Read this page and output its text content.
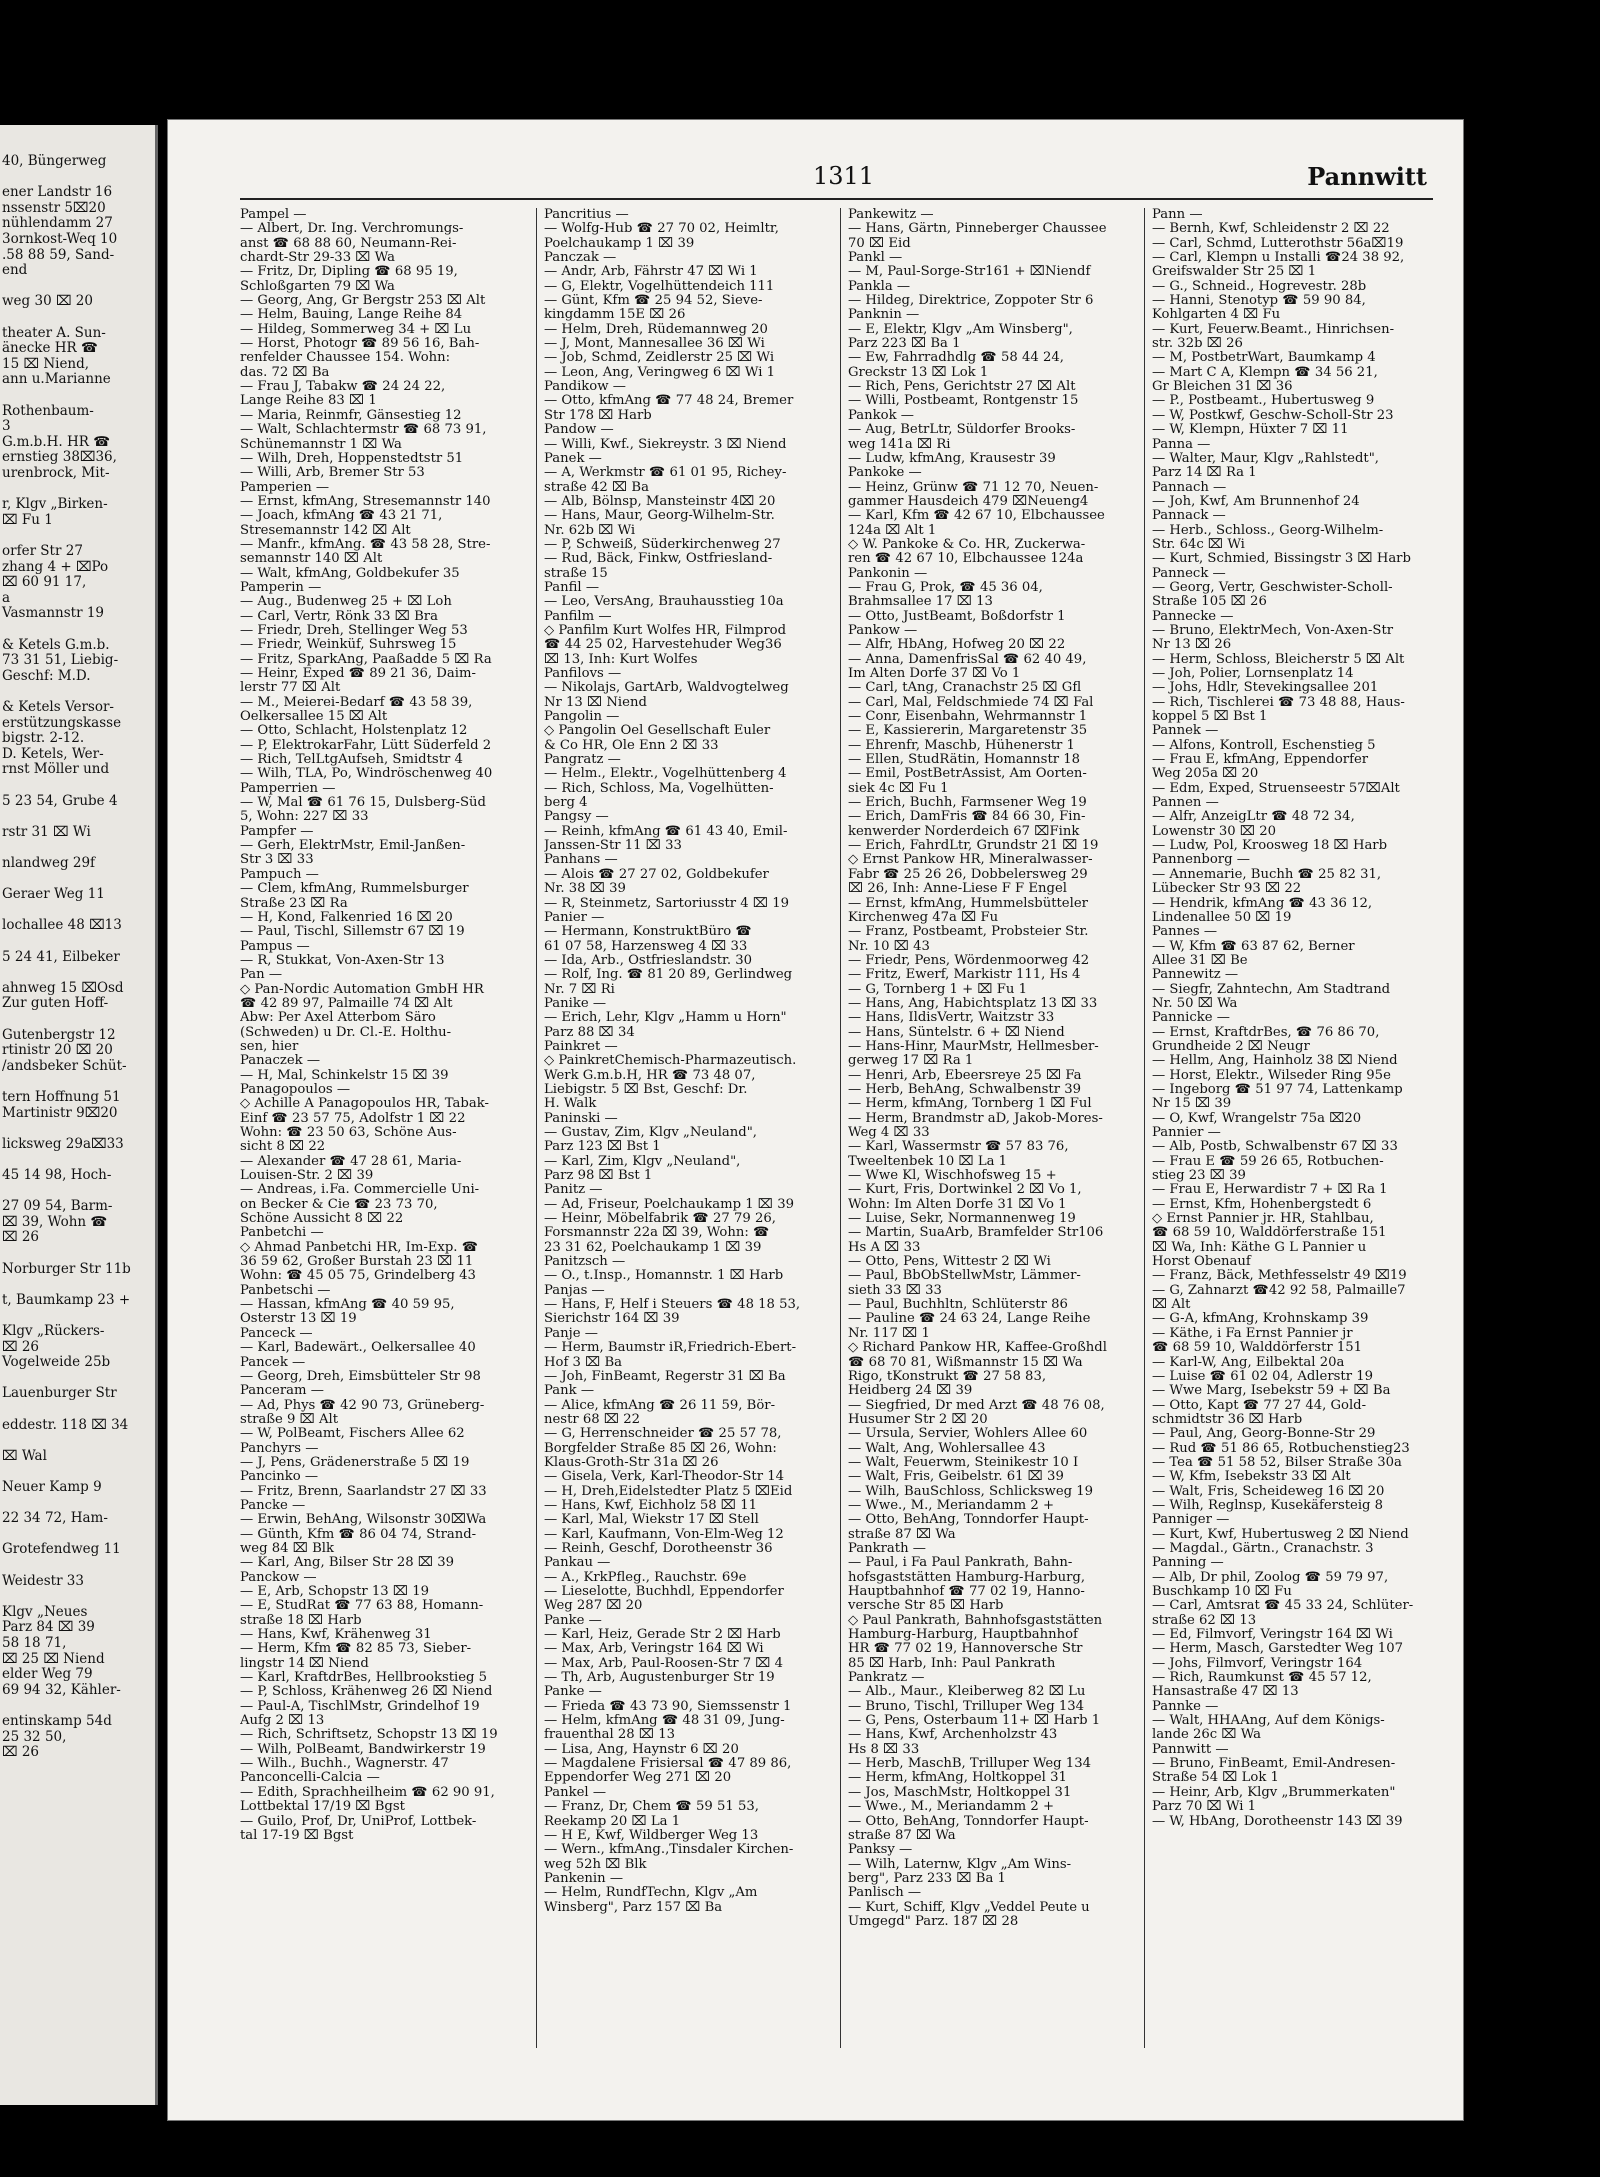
40, Büngerweg
ener Landstr 16
nssenstr 5⌧20
nühlendamm 27
3ornkost-Weq 10
.58 88 59, Sand-
end
weg 30 ⌧ 20
theater A. Sun-
änecke HR ☎
15 ⌧ Niend,
ann u.Marianne
Rothenbaum-
3
G.m.b.H. HR ☎
ernstieg 38⌧36,
urenbrock, Mit-
r, Klgv „Birken-
⌧ Fu 1
orfer Str 27
zhang 4 + ⌧Po
⌧ 60 91 17,
a
Vasmannstr 19
& Ketels G.m.b.
73 31 51, Liebig-
Geschf: M.D.
& Ketels Versor-
erstützungskasse
bigstr. 2-12.
D. Ketels, Wer-
rnst Möller und
5 23 54, Grube 4
rstr 31 ⌧ Wi
nlandweg 29f
Geraer Weg 11
lochallee 48 ⌧13
5 24 41, Eilbeker
ahnweg 15 ⌧Osd
Zur guten Hoff-
Gutenbergstr 12
rtinistr 20 ⌧ 20
/andsbeker Schüt-
tern Hoffnung 51
Martinistr 9⌧20
licksweg 29a⌧33
45 14 98, Hoch-
27 09 54, Barm-
⌧ 39, Wohn ☎
⌧ 26
Norburger Str 11b
t, Baumkamp 23 +
Klgv „Rückers-
⌧ 26
Vogelweide 25b
Lauenburger Str
eddestr. 118 ⌧ 34
⌧ Wal
Neuer Kamp 9
22 34 72, Ham-
Grotefendweg 11
Weidestr 33
Klgv „Neues
Parz 84 ⌧ 39
58 18 71,
⌧ 25 ⌧ Niend
elder Weg 79
69 94 32, Kähler-
entinskamp 54d
25 32 50,
⌧ 26
1311	Pannwitt
Pampel —
— Albert, Dr. Ing. Verchromungs-
anst ☎ 68 88 60, Neumann-Rei-
chardt-Str 29-33 ⌧ Wa
— Fritz, Dr, Dipling ☎ 68 95 19,
Schloßgarten 79 ⌧ Wa
— Georg, Ang, Gr Bergstr 253 ⌧ Alt
— Helm, Bauing, Lange Reihe 84
— Hildeg, Sommerweg 34 + ⌧ Lu
— Horst, Photogr ☎ 89 56 16, Bah-
renfelder Chaussee 154. Wohn:
das. 72 ⌧ Ba
— Frau J, Tabakw ☎ 24 24 22,
Lange Reihe 83 ⌧ 1
— Maria, Reinmfr, Gänsestieg 12
— Walt, Schlachtermstr ☎ 68 73 91,
Schünemannstr 1 ⌧ Wa
— Wilh, Dreh, Hoppenstedtstr 51
— Willi, Arb, Bremer Str 53
Pamperien —
— Ernst, kfmAng, Stresemannstr 140
— Joach, kfmAng ☎ 43 21 71,
Stresemannstr 142 ⌧ Alt
— Manfr., kfmAng. ☎ 43 58 28, Stre-
semannstr 140 ⌧ Alt
— Walt, kfmAng, Goldbekufer 35
Pamperin —
— Aug., Budenweg 25 + ⌧ Loh
— Carl, Vertr, Rönk 33 ⌧ Bra
— Friedr, Dreh, Stellinger Weg 53
— Friedr, Weinküf, Suhrsweg 15
— Fritz, SparkAng, Paaßadde 5 ⌧ Ra
— Heinr, Exped ☎ 89 21 36, Daim-
lerstr 77 ⌧ Alt
— M., Meierei-Bedarf ☎ 43 58 39,
Oelkersallee 15 ⌧ Alt
— Otto, Schlacht, Holstenplatz 12
— P, ElektrokarFahr, Lütt Süderfeld 2
— Rich, TelLtgAufseh, Smidtstr 4
— Wilh, TLA, Po, Windröschenweg 40
Pamperrien —
— W, Mal ☎ 61 76 15, Dulsberg-Süd
5, Wohn: 227 ⌧ 33
Pampfer —
— Gerh, ElektrMstr, Emil-Janßen-
Str 3 ⌧ 33
Pampuch —
— Clem, kfmAng, Rummelsburger
Straße 23 ⌧ Ra
— H, Kond, Falkenried 16 ⌧ 20
— Paul, Tischl, Sillemstr 67 ⌧ 19
Pampus —
— R, Stukkat, Von-Axen-Str 13
Pan —
◇ Pan-Nordic Automation GmbH HR
☎ 42 89 97, Palmaille 74 ⌧ Alt
Abw: Per Axel Atterbom Säro
(Schweden) u Dr. Cl.-E. Holthu-
sen, hier
Panaczek —
— H, Mal, Schinkelstr 15 ⌧ 39
Panagopoulos —
◇ Achille A Panagopoulos HR, Tabak-
Einf ☎ 23 57 75, Adolfstr 1 ⌧ 22
Wohn: ☎ 23 50 63, Schöne Aus-
sicht 8 ⌧ 22
— Alexander ☎ 47 28 61, Maria-
Louisen-Str. 2 ⌧ 39
— Andreas, i.Fa. Commercielle Uni-
on Becker & Cie ☎ 23 73 70,
Schöne Aussicht 8 ⌧ 22
Panbetchi —
◇ Ahmad Panbetchi HR, Im-Exp. ☎
36 59 62, Großer Burstah 23 ⌧ 11
Wohn: ☎ 45 05 75, Grindelberg 43
Panbetschi —
— Hassan, kfmAng ☎ 40 59 95,
Osterstr 13 ⌧ 19
Panceck —
— Karl, Badewärt., Oelkersallee 40
Pancek —
— Georg, Dreh, Eimsbütteler Str 98
Panceram —
— Ad, Phys ☎ 42 90 73, Grüneberg-
straße 9 ⌧ Alt
— W, PolBeamt, Fischers Allee 62
Panchyrs —
— J, Pens, Grädenerstraße 5 ⌧ 19
Pancinko —
— Fritz, Brenn, Saarlandstr 27 ⌧ 33
Pancke —
— Erwin, BehAng, Wilsonstr 30⌧Wa
— Günth, Kfm ☎ 86 04 74, Strand-
weg 84 ⌧ Blk
— Karl, Ang, Bilser Str 28 ⌧ 39
Panckow —
— E, Arb, Schopstr 13 ⌧ 19
— E, StudRat ☎ 77 63 88, Homann-
straße 18 ⌧ Harb
— Hans, Kwf, Krähenweg 31
— Herm, Kfm ☎ 82 85 73, Sieber-
lingstr 14 ⌧ Niend
— Karl, KraftdrBes, Hellbrookstieg 5
— P, Schloss, Krähenweg 26 ⌧ Niend
— Paul-A, TischlMstr, Grindelhof 19
Aufg 2 ⌧ 13
— Rich, Schriftsetz, Schopstr 13 ⌧ 19
— Wilh, PolBeamt, Bandwirkerstr 19
— Wilh., Buchh., Wagnerstr. 47
Panconcelli-Calcia —
— Edith, Sprachheilheim ☎ 62 90 91,
Lottbektal 17/19 ⌧ Bgst
— Guilo, Prof, Dr, UniProf, Lottbek-
tal 17-19 ⌧ Bgst
Pancritius —
— Wolfg-Hub ☎ 27 70 02, Heimltr,
Poelchaukamp 1 ⌧ 39
Panczak —
— Andr, Arb, Fährstr 47 ⌧ Wi 1
— G, Elektr, Vogelhüttendeich 111
— Günt, Kfm ☎ 25 94 52, Sieve-
kingdamm 15E ⌧ 26
— Helm, Dreh, Rüdemannweg 20
— J, Mont, Mannesallee 36 ⌧ Wi
— Job, Schmd, Zeidlerstr 25 ⌧ Wi
— Leon, Ang, Veringweg 6 ⌧ Wi 1
Pandikow —
— Otto, kfmAng ☎ 77 48 24, Bremer
Str 178 ⌧ Harb
Pandow —
— Willi, Kwf., Siekreystr. 3 ⌧ Niend
Panek —
— A, Werkmstr ☎ 61 01 95, Richey-
straße 42 ⌧ Ba
— Alb, Bölnsp, Mansteinstr 4⌧ 20
— Hans, Maur, Georg-Wilhelm-Str.
Nr. 62b ⌧ Wi
— P, Schweiß, Süderkirchenweg 27
— Rud, Bäck, Finkw, Ostfriesland-
straße 15
Panfil —
— Leo, VersAng, Brauhausstieg 10a
Panfilm —
◇ Panfilm Kurt Wolfes HR, Filmprod
☎ 44 25 02, Harvestehuder Weg36
⌧ 13, Inh: Kurt Wolfes
Panfilovs —
— Nikolajs, GartArb, Waldvogtelweg
Nr 13 ⌧ Niend
Pangolin —
◇ Pangolin Oel Gesellschaft Euler
& Co HR, Ole Enn 2 ⌧ 33
Pangratz —
— Helm., Elektr., Vogelhüttenberg 4
— Rich, Schloss, Ma, Vogelhütten-
berg 4
Pangsy —
— Reinh, kfmAng ☎ 61 43 40, Emil-
Janssen-Str 11 ⌧ 33
Panhans —
— Alois ☎ 27 27 02, Goldbekufer
Nr. 38 ⌧ 39
— R, Steinmetz, Sartoriusstr 4 ⌧ 19
Panier —
— Hermann, KonstruktBüro ☎
61 07 58, Harzensweg 4 ⌧ 33
— Ida, Arb., Ostfrieslandstr. 30
— Rolf, Ing. ☎ 81 20 89, Gerlindweg
Nr. 7 ⌧ Ri
Panike —
— Erich, Lehr, Klgv „Hamm u Horn"
Parz 88 ⌧ 34
Painkret —
◇ PainkretChemisch-Pharmazeutisch.
Werk G.m.b.H, HR ☎ 73 48 07,
Liebigstr. 5 ⌧ Bst, Geschf: Dr.
H. Walk
Paninski —
— Gustav, Zim, Klgv „Neuland",
Parz 123 ⌧ Bst 1
— Karl, Zim, Klgv „Neuland",
Parz 98 ⌧ Bst 1
Panitz —
— Ad, Friseur, Poelchaukamp 1 ⌧ 39
— Heinr, Möbelfabrik ☎ 27 79 26,
Forsmannstr 22a ⌧ 39, Wohn: ☎
23 31 62, Poelchaukamp 1 ⌧ 39
Panitzsch —
— O., t.Insp., Homannstr. 1 ⌧ Harb
Panjas —
— Hans, F, Helf i Steuers ☎ 48 18 53,
Sierichstr 164 ⌧ 39
Panje —
— Herm, Baumstr iR,Friedrich-Ebert-
Hof 3 ⌧ Ba
— Joh, FinBeamt, Regerstr 31 ⌧ Ba
Pank —
— Alice, kfmAng ☎ 26 11 59, Bör-
nestr 68 ⌧ 22
— G, Herrenschneider ☎ 25 57 78,
Borgfelder Straße 85 ⌧ 26, Wohn:
Klaus-Groth-Str 31a ⌧ 26
— Gisela, Verk, Karl-Theodor-Str 14
— H, Dreh,Eidelstedter Platz 5 ⌧Eid
— Hans, Kwf, Eichholz 58 ⌧ 11
— Karl, Mal, Wiekstr 17 ⌧ Stell
— Karl, Kaufmann, Von-Elm-Weg 12
— Reinh, Geschf, Dorotheenstr 36
Pankau —
— A., KrkPfleg., Rauchstr. 69e
— Lieselotte, Buchhdl, Eppendorfer
Weg 287 ⌧ 20
Panke —
— Karl, Heiz, Gerade Str 2 ⌧ Harb
— Max, Arb, Veringstr 164 ⌧ Wi
— Max, Arb, Paul-Roosen-Str 7 ⌧ 4
— Th, Arb, Augustenburger Str 19
Panke —
— Frieda ☎ 43 73 90, Siemssenstr 1
— Helm, kfmAng ☎ 48 31 09, Jung-
frauenthal 28 ⌧ 13
— Lisa, Ang, Haynstr 6 ⌧ 20
— Magdalene Frisiersal ☎ 47 89 86,
Eppendorfer Weg 271 ⌧ 20
Pankel —
— Franz, Dr, Chem ☎ 59 51 53,
Reekamp 20 ⌧ La 1
— H E, Kwf, Wildberger Weg 13
— Wern., kfmAng.,Tinsdaler Kirchen-
weg 52h ⌧ Blk
Pankenin —
— Helm, RundfTechn, Klgv „Am
Winsberg", Parz 157 ⌧ Ba
Pankewitz —
— Hans, Gärtn, Pinneberger Chaussee
70 ⌧ Eid
Pankl —
— M, Paul-Sorge-Str161 + ⌧Niendf
Pankla —
— Hildeg, Direktrice, Zoppoter Str 6
Panknin —
— E, Elektr, Klgv „Am Winsberg",
Parz 223 ⌧ Ba 1
— Ew, Fahrradhdlg ☎ 58 44 24,
Greckstr 13 ⌧ Lok 1
— Rich, Pens, Gerichtstr 27 ⌧ Alt
— Willi, Postbeamt, Rontgenstr 15
Pankok —
— Aug, BetrLtr, Süldorfer Brooks-
weg 141a ⌧ Ri
— Ludw, kfmAng, Krausestr 39
Pankoke —
— Heinz, Grünw ☎ 71 12 70, Neuen-
gammer Hausdeich 479 ⌧Neueng4
— Karl, Kfm ☎ 42 67 10, Elbchaussee
124a ⌧ Alt 1
◇ W. Pankoke & Co. HR, Zuckerwa-
ren ☎ 42 67 10, Elbchaussee 124a
Pankonin —
— Frau G, Prok, ☎ 45 36 04,
Brahmsallee 17 ⌧ 13
— Otto, JustBeamt, Boßdorfstr 1
Pankow —
— Alfr, HbAng, Hofweg 20 ⌧ 22
— Anna, DamenfrisSal ☎ 62 40 49,
Im Alten Dorfe 37 ⌧ Vo 1
— Carl, tAng, Cranachstr 25 ⌧ Gfl
— Carl, Mal, Feldschmiede 74 ⌧ Fal
— Conr, Eisenbahn, Wehrmannstr 1
— E, Kassiererin, Margaretenstr 35
— Ehrenfr, Maschb, Hühenerstr 1
— Ellen, StudRätin, Homannstr 18
— Emil, PostBetrAssist, Am Oorten-
siek 4c ⌧ Fu 1
— Erich, Buchh, Farmsener Weg 19
— Erich, DamFris ☎ 84 66 30, Fin-
kenwerder Norderdeich 67 ⌧Fink
— Erich, FahrdLtr, Grundstr 21 ⌧ 19
◇ Ernst Pankow HR, Mineralwasser-
Fabr ☎ 25 26 26, Dobbelersweg 29
⌧ 26, Inh: Anne-Liese F F Engel
— Ernst, kfmAng, Hummelsbütteler
Kirchenweg 47a ⌧ Fu
— Franz, Postbeamt, Probsteier Str.
Nr. 10 ⌧ 43
— Friedr, Pens, Wördenmoorweg 42
— Fritz, Ewerf, Markistr 111, Hs 4
— G, Tornberg 1 + ⌧ Fu 1
— Hans, Ang, Habichtsplatz 13 ⌧ 33
— Hans, IldisVertr, Waitzstr 33
— Hans, Süntelstr. 6 + ⌧ Niend
— Hans-Hinr, MaurMstr, Hellmesber-
gerweg 17 ⌧ Ra 1
— Henri, Arb, Ebeersreye 25 ⌧ Fa
— Herb, BehAng, Schwalbenstr 39
— Herm, kfmAng, Tornberg 1 ⌧ Ful
— Herm, Brandmstr aD, Jakob-Mores-
Weg 4 ⌧ 33
— Karl, Wassermstr ☎ 57 83 76,
Tweeltenbek 10 ⌧ La 1
— Wwe Kl, Wischhofsweg 15 +
— Kurt, Fris, Dortwinkel 2 ⌧ Vo 1,
Wohn: Im Alten Dorfe 31 ⌧ Vo 1
— Luise, Sekr, Normannenweg 19
— Martin, SuaArb, Bramfelder Str106
Hs A ⌧ 33
— Otto, Pens, Wittestr 2 ⌧ Wi
— Paul, BbObStellwMstr, Lämmer-
sieth 33 ⌧ 33
— Paul, Buchhltn, Schlüterstr 86
— Pauline ☎ 24 63 24, Lange Reihe
Nr. 117 ⌧ 1
◇ Richard Pankow HR, Kaffee-Großhdl
☎ 68 70 81, Wißmannstr 15 ⌧ Wa
Rigo, tKonstrukt ☎ 27 58 83,
Heidberg 24 ⌧ 39
— Siegfried, Dr med Arzt ☎ 48 76 08,
Husumer Str 2 ⌧ 20
— Ursula, Servier, Wohlers Allee 60
— Walt, Ang, Wohlersallee 43
— Walt, Feuerwm, Steinikestr 10 I
— Walt, Fris, Geibelstr. 61 ⌧ 39
— Wilh, BauSchloss, Schlicksweg 19
— Wwe., M., Meriandamm 2 +
— Otto, BehAng, Tonndorfer Haupt-
straße 87 ⌧ Wa
Pankrath —
— Paul, i Fa Paul Pankrath, Bahn-
hofsgaststätten Hamburg-Harburg,
Hauptbahnhof ☎ 77 02 19, Hanno-
versche Str 85 ⌧ Harb
◇ Paul Pankrath, Bahnhofsgaststätten
Hamburg-Harburg, Hauptbahnhof
HR ☎ 77 02 19, Hannoversche Str
85 ⌧ Harb, Inh: Paul Pankrath
Pankratz —
— Alb., Maur., Kleiberweg 82 ⌧ Lu
— Bruno, Tischl, Trilluper Weg 134
— G, Pens, Osterbaum 11+ ⌧ Harb 1
— Hans, Kwf, Archenholzstr 43
Hs 8 ⌧ 33
— Herb, MaschB, Trilluper Weg 134
— Herm, kfmAng, Holtkoppel 31
— Jos, MaschMstr, Holtkoppel 31
— Wwe., M., Meriandamm 2 +
— Otto, BehAng, Tonndorfer Haupt-
straße 87 ⌧ Wa
Panksy —
— Wilh, Laternw, Klgv „Am Wins-
berg", Parz 233 ⌧ Ba 1
Panlisch —
— Kurt, Schiff, Klgv „Veddel Peute u
Umgegd" Parz. 187 ⌧ 28
Pann —
— Bernh, Kwf, Schleidenstr 2 ⌧ 22
— Carl, Schmd, Lutterothstr 56a⌧19
— Carl, Klempn u Installi ☎24 38 92,
Greifswalder Str 25 ⌧ 1
— G., Schneid., Hogrevestr. 28b
— Hanni, Stenotyp ☎ 59 90 84,
Kohlgarten 4 ⌧ Fu
— Kurt, Feuerw.Beamt., Hinrichsen-
str. 32b ⌧ 26
— M, PostbetrWart, Baumkamp 4
— Mart C A, Klempn ☎ 34 56 21,
Gr Bleichen 31 ⌧ 36
— P., Postbeamt., Hubertusweg 9
— W, Postkwf, Geschw-Scholl-Str 23
— W, Klempn, Hüxter 7 ⌧ 11
Panna —
— Walter, Maur, Klgv „Rahlstedt",
Parz 14 ⌧ Ra 1
Pannach —
— Joh, Kwf, Am Brunnenhof 24
Pannack —
— Herb., Schloss., Georg-Wilhelm-
Str. 64c ⌧ Wi
— Kurt, Schmied, Bissingstr 3 ⌧ Harb
Panneck —
— Georg, Vertr, Geschwister-Scholl-
Straße 105 ⌧ 26
Pannecke —
— Bruno, ElektrMech, Von-Axen-Str
Nr 13 ⌧ 26
— Herm, Schloss, Bleicherstr 5 ⌧ Alt
— Joh, Polier, Lornsenplatz 14
— Johs, Hdlr, Stevekingsallee 201
— Rich, Tischlerei ☎ 73 48 88, Haus-
koppel 5 ⌧ Bst 1
Pannek —
— Alfons, Kontroll, Eschenstieg 5
— Frau E, kfmAng, Eppendorfer
Weg 205a ⌧ 20
— Edm, Exped, Struenseestr 57⌧Alt
Pannen —
— Alfr, AnzeigLtr ☎ 48 72 34,
Lowenstr 30 ⌧ 20
— Ludw, Pol, Kroosweg 18 ⌧ Harb
Pannenborg —
— Annemarie, Buchh ☎ 25 82 31,
Lübecker Str 93 ⌧ 22
— Hendrik, kfmAng ☎ 43 36 12,
Lindenallee 50 ⌧ 19
Pannes —
— W, Kfm ☎ 63 87 62, Berner
Allee 31 ⌧ Be
Pannewitz —
— Siegfr, Zahntechn, Am Stadtrand
Nr. 50 ⌧ Wa
Pannicke —
— Ernst, KraftdrBes, ☎ 76 86 70,
Grundheide 2 ⌧ Neugr
— Hellm, Ang, Hainholz 38 ⌧ Niend
— Horst, Elektr., Wilseder Ring 95e
— Ingeborg ☎ 51 97 74, Lattenkamp
Nr 15 ⌧ 39
— O, Kwf, Wrangelstr 75a ⌧20
Pannier —
— Alb, Postb, Schwalbenstr 67 ⌧ 33
— Frau E ☎ 59 26 65, Rotbuchen-
stieg 23 ⌧ 39
— Frau E, Herwardistr 7 + ⌧ Ra 1
— Ernst, Kfm, Hohenbergstedt 6
◇ Ernst Pannier jr. HR, Stahlbau,
☎ 68 59 10, Walddörferstraße 151
⌧ Wa, Inh: Käthe G L Pannier u
Horst Obenauf
— Franz, Bäck, Methfesselstr 49 ⌧19
— G, Zahnarzt ☎42 92 58, Palmaille7
⌧ Alt
— G-A, kfmAng, Krohnskamp 39
— Käthe, i Fa Ernst Pannier jr
☎ 68 59 10, Walddörferstr 151
— Karl-W, Ang, Eilbektal 20a
— Luise ☎ 61 02 04, Adlerstr 19
— Wwe Marg, Isebekstr 59 + ⌧ Ba
— Otto, Kapt ☎ 77 27 44, Gold-
schmidtstr 36 ⌧ Harb
— Paul, Ang, Georg-Bonne-Str 29
— Rud ☎ 51 86 65, Rotbuchenstieg23
— Tea ☎ 51 58 52, Bilser Straße 30a
— W, Kfm, Isebekstr 33 ⌧ Alt
— Walt, Fris, Scheideweg 16 ⌧ 20
— Wilh, Reglnsp, Kusekäfersteig 8
Panniger —
— Kurt, Kwf, Hubertusweg 2 ⌧ Niend
— Magdal., Gärtn., Cranachstr. 3
Panning —
— Alb, Dr phil, Zoolog ☎ 59 79 97,
Buschkamp 10 ⌧ Fu
— Carl, Amtsrat ☎ 45 33 24, Schlüter-
straße 62 ⌧ 13
— Ed, Filmvorf, Veringstr 164 ⌧ Wi
— Herm, Masch, Garstedter Weg 107
— Johs, Filmvorf, Veringstr 164
— Rich, Raumkunst ☎ 45 57 12,
Hansastraße 47 ⌧ 13
Pannke —
— Walt, HHAAng, Auf dem Königs-
lande 26c ⌧ Wa
Pannwitt —
— Bruno, FinBeamt, Emil-Andresen-
Straße 54 ⌧ Lok 1
— Heinr, Arb, Klgv „Brummerkaten"
Parz 70 ⌧ Wi 1
— W, HbAng, Dorotheenstr 143 ⌧ 39
